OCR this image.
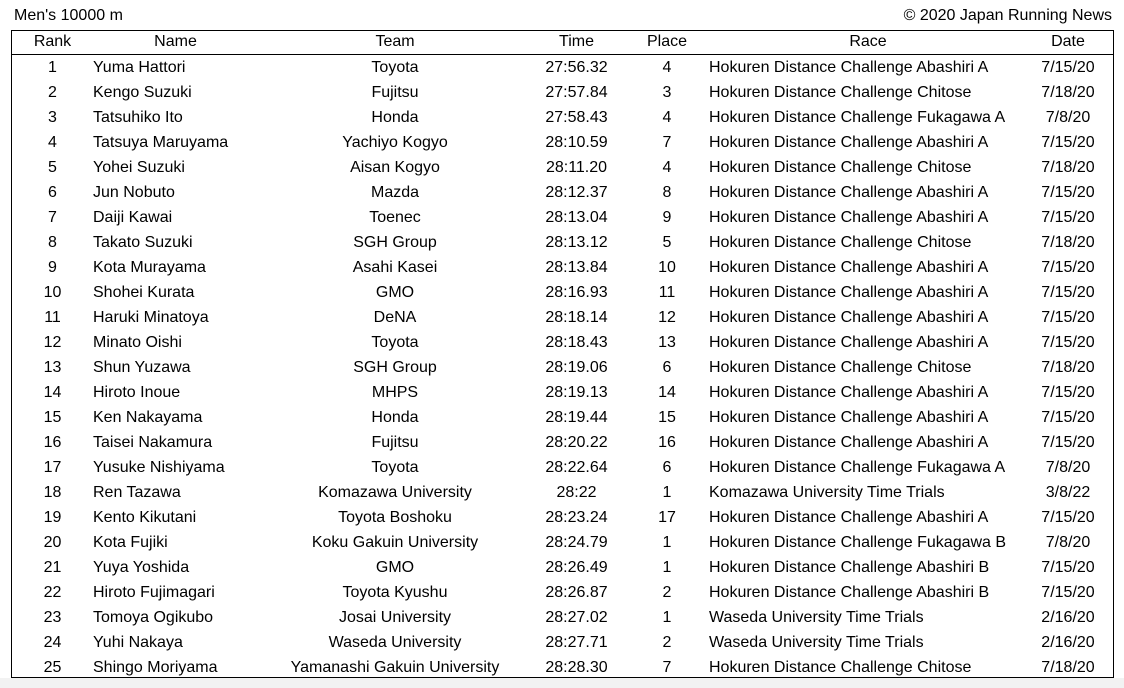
Men's 10000 m	© 2020 Japan Running News
Rank	Name	Team	Time	Place	Race	Date
1	Yuma Hattori	Toyota	27:56.32	4	Hokuren Distance Challenge Abashiri A	7/15/20
2	Kengo Suzuki	Fujitsu	27:57.84	3	Hokuren Distance Challenge Chitose	7/18/20
3	Tatsuhiko Ito	Honda	27:58.43	4	Hokuren Distance Challenge Fukagawa A	7/8/20
4	Tatsuya Maruyama	Yachiyo Kogyo	28:10.59	7	Hokuren Distance Challenge Abashiri A	7/15/20
5	Yohei Suzuki	Aisan Kogyo	28:11.20	4	Hokuren Distance Challenge Chitose	7/18/20
6	Jun Nobuto	Mazda	28:12.37	8	Hokuren Distance Challenge Abashiri A	7/15/20
7	Daiji Kawai	Toenec	28:13.04	9	Hokuren Distance Challenge Abashiri A	7/15/20
8	Takato Suzuki	SGH Group	28:13.12	5	Hokuren Distance Challenge Chitose	7/18/20
9	Kota Murayama	Asahi Kasei	28:13.84	10	Hokuren Distance Challenge Abashiri A	7/15/20
10	Shohei Kurata	GMO	28:16.93	11	Hokuren Distance Challenge Abashiri A	7/15/20
11	Haruki Minatoya	DeNA	28:18.14	12	Hokuren Distance Challenge Abashiri A	7/15/20
12	Minato Oishi	Toyota	28:18.43	13	Hokuren Distance Challenge Abashiri A	7/15/20
13	Shun Yuzawa	SGH Group	28:19.06	6	Hokuren Distance Challenge Chitose	7/18/20
14	Hiroto Inoue	MHPS	28:19.13	14	Hokuren Distance Challenge Abashiri A	7/15/20
15	Ken Nakayama	Honda	28:19.44	15	Hokuren Distance Challenge Abashiri A	7/15/20
16	Taisei Nakamura	Fujitsu	28:20.22	16	Hokuren Distance Challenge Abashiri A	7/15/20
17	Yusuke Nishiyama	Toyota	28:22.64	6	Hokuren Distance Challenge Fukagawa A	7/8/20
18	Ren Tazawa	Komazawa University	28:22	1	Komazawa University Time Trials	3/8/22
19	Kento Kikutani	Toyota Boshoku	28:23.24	17	Hokuren Distance Challenge Abashiri A	7/15/20
20	Kota Fujiki	Koku Gakuin University	28:24.79	1	Hokuren Distance Challenge Fukagawa B	7/8/20
21	Yuya Yoshida	GMO	28:26.49	1	Hokuren Distance Challenge Abashiri B	7/15/20
22	Hiroto Fujimagari	Toyota Kyushu	28:26.87	2	Hokuren Distance Challenge Abashiri B	7/15/20
23	Tomoya Ogikubo	Josai University	28:27.02	1	Waseda University Time Trials	2/16/20
24	Yuhi Nakaya	Waseda University	28:27.71	2	Waseda University Time Trials	2/16/20
25	Shingo Moriyama	Yamanashi Gakuin University	28:28.30	7	Hokuren Distance Challenge Chitose	7/18/20
